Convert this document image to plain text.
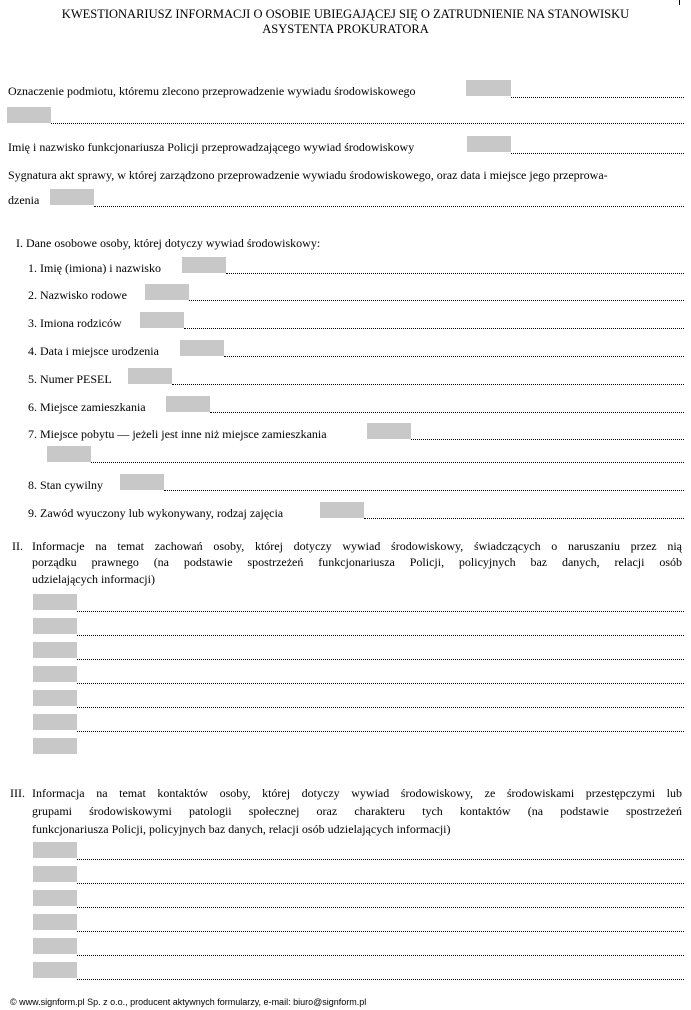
KWESTIONARIUSZ INFORMACJI O OSOBIE UBIEGAJĄCEJ SIĘ O ZATRUDNIENIE NA STANOWISKU
ASYSTENTA PROKURATORA
Oznaczenie podmiotu, któremu zlecono przeprowadzenie wywiadu środowiskowego
Imię i nazwisko funkcjonariusza Policji przeprowadzającego wywiad środowiskowy
Sygnatura akt sprawy, w której zarządzono przeprowadzenie wywiadu środowiskowego, oraz data i miejsce jego przeprowa-
dzenia
I. Dane osobowe osoby, której dotyczy wywiad środowiskowy:
1. Imię (imiona) i nazwisko
2. Nazwisko rodowe
3. Imiona rodziców
4. Data i miejsce urodzenia
5. Numer PESEL
6. Miejsce zamieszkania
7. Miejsce pobytu — jeżeli jest inne niż miejsce zamieszkania
8. Stan cywilny
9. Zawód wyuczony lub wykonywany, rodzaj zajęcia
II. Informacje na temat zachowań osoby, której dotyczy wywiad środowiskowy, świadczących o naruszaniu przez nią
porządku prawnego (na podstawie spostrzeżeń funkcjonariusza Policji, policyjnych baz danych, relacji osób
udzielających informacji)
III. Informacja na temat kontaktów osoby, której dotyczy wywiad środowiskowy, ze środowiskami przestępczymi lub
grupami środowiskowymi patologii społecznej oraz charakteru tych kontaktów (na podstawie spostrzeżeń
funkcjonariusza Policji, policyjnych baz danych, relacji osób udzielających informacji)
© www.signform.pl Sp. z o.o., producent aktywnych formularzy, e-mail: biuro@signform.pl
